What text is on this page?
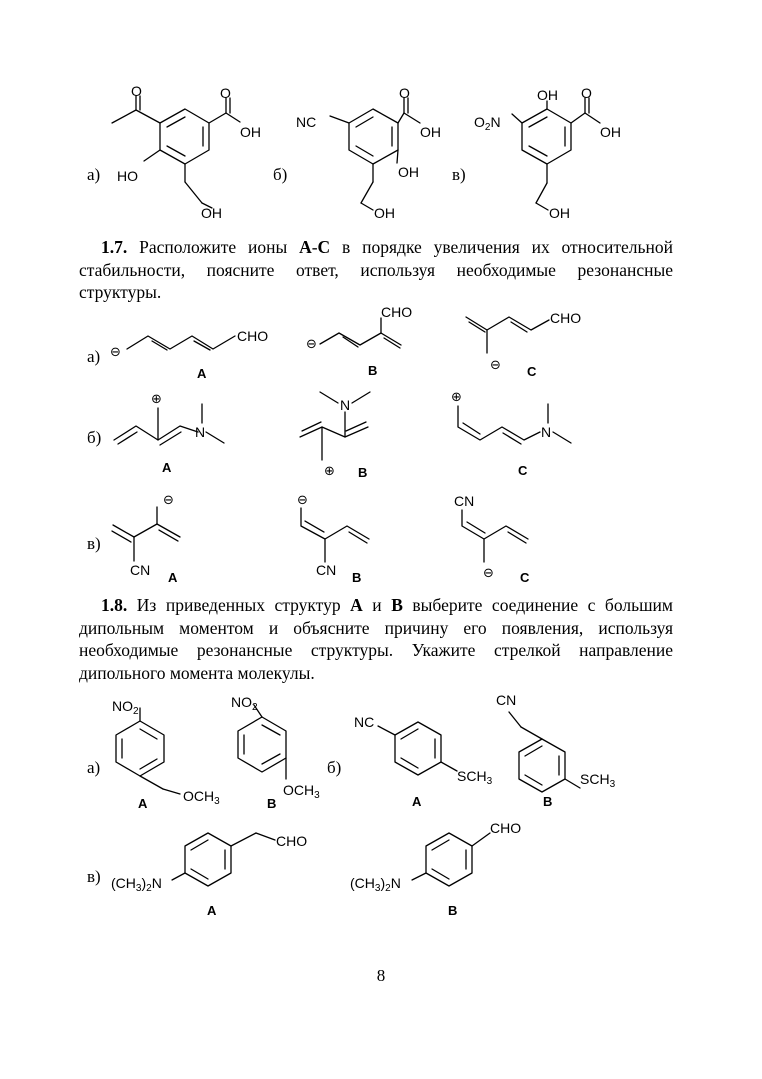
а)	б)	в)
O	O
OH
HO
OH
NC
O
OH
OH
OH
OH O
OH
$O_2N$
OH
а)
б)
в)
⊖
CHO
A
⊖
CHO
B	⊖
CHO
C
⊕
N
A
N
⊕ B
⊕
N
C
⊖
CN A
⊖
CN B
CN
⊖ C
а)	б)
в)
$NO_2$
$OCH_3$
A
$NO_2$
$OCH_3$
B
NC
$SCH_3$
A
CN
$SCH_3$
B
$(CH_3)_2N$
CHO
A
$(CH_3)_2N$
CHO
B

1.7. Расположите ионы A-C в порядке увеличения их относительной стабильности, поясните ответ, используя необходимые резонансные структуры.

1.8. Из приведенных структур A и B выберите соединение с большим дипольным моментом и объясните причину его появления, используя необходимые резонансные структуры. Укажите стрелкой направление дипольного момента молекулы.

8
